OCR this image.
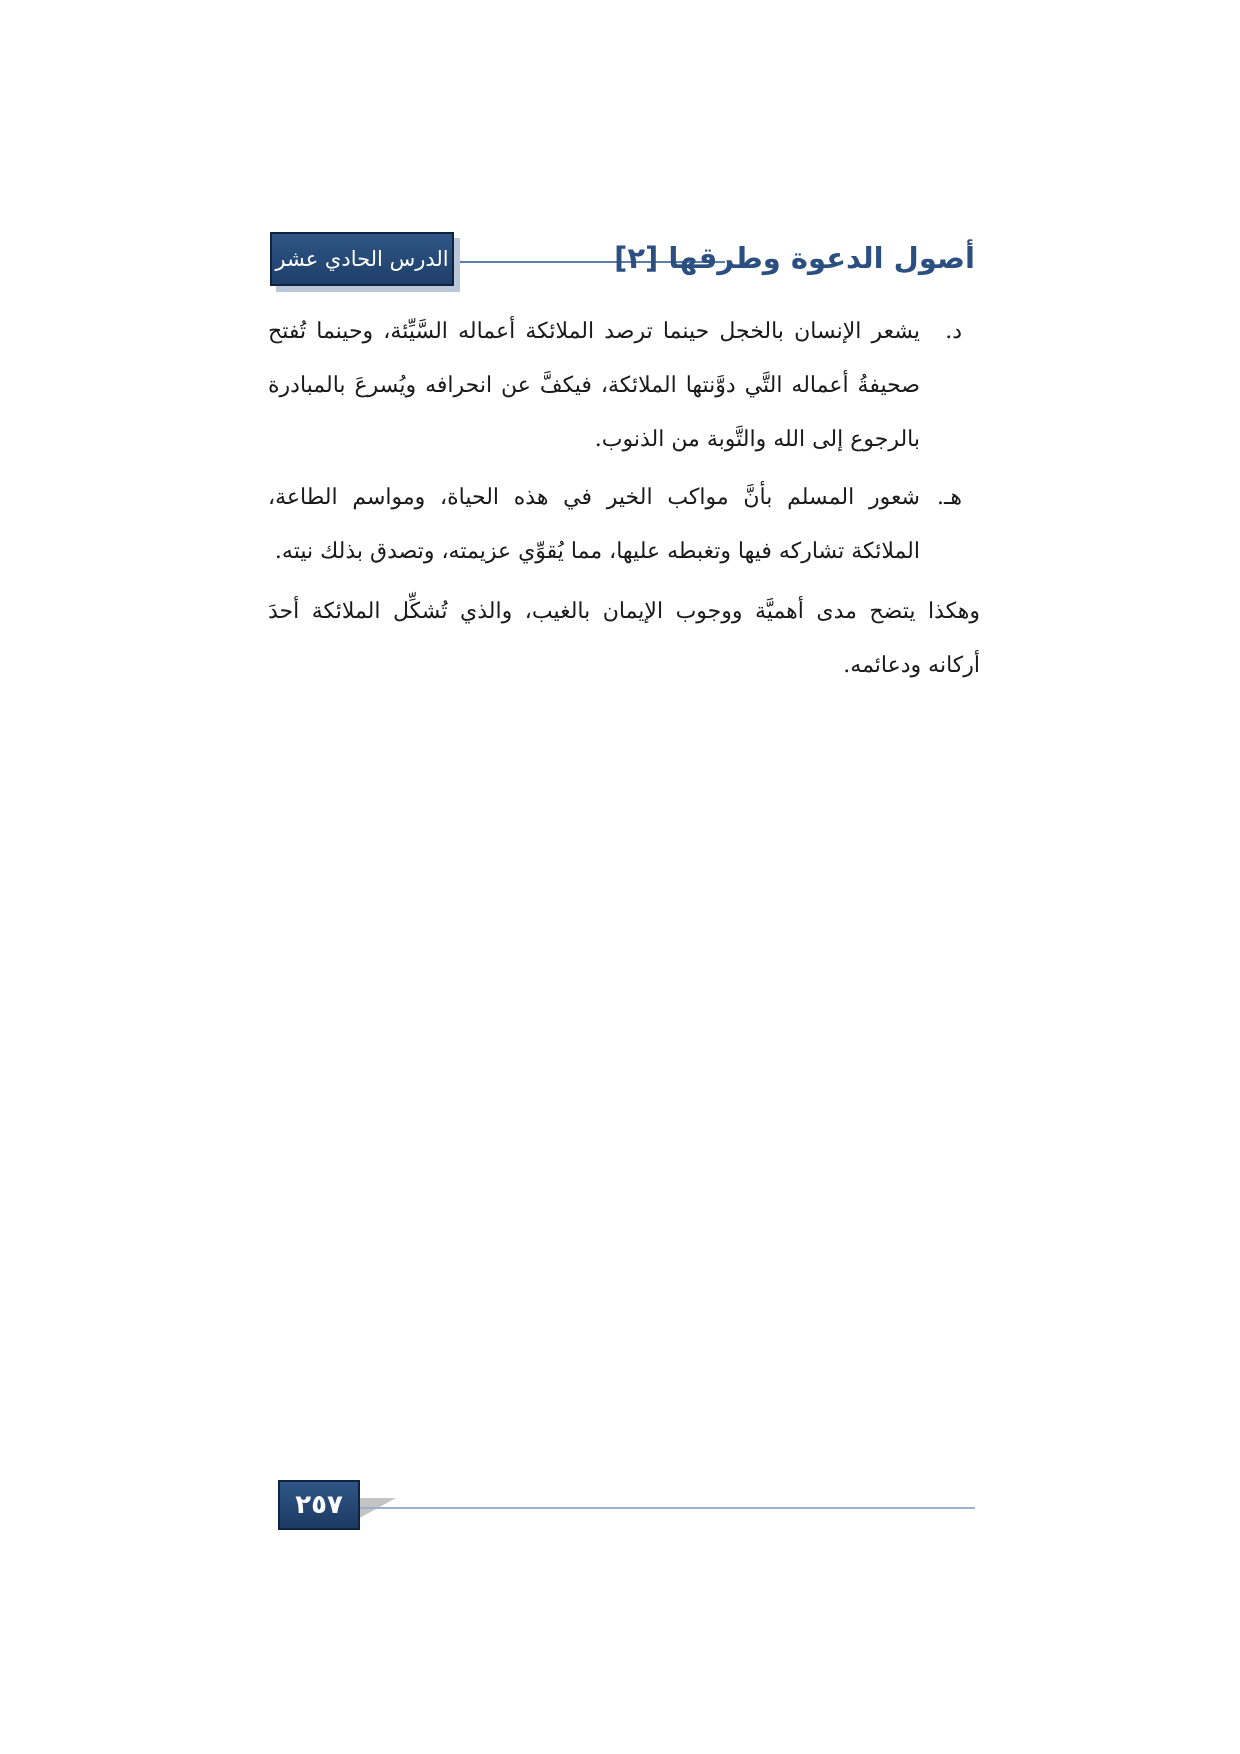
الدرس الحادي عشر	أصول الدعوة وطرقها [٢]
د.
يشعر الإنسان بالخجل حينما ترصد الملائكة أعماله السَّيِّئة، وحينما تُفتح صحيفةُ أعماله التَّي دوَّنتها الملائكة، فيكفَّ عن انحرافه ويُسرعَ بالمبادرة بالرجوع إلى الله والتَّوبة من الذنوب.
هـ.
شعور المسلم بأنَّ مواكب الخير في هذه الحياة، ومواسم الطاعة، الملائكة تشاركه فيها وتغبطه عليها، مما يُقوِّي عزيمته، وتصدق بذلك نيته.

وهكذا يتضح مدى أهميَّة ووجوب الإيمان بالغيب، والذي تُشكِّل الملائكة أحدَ أركانه ودعائمه.

٢٥٧
